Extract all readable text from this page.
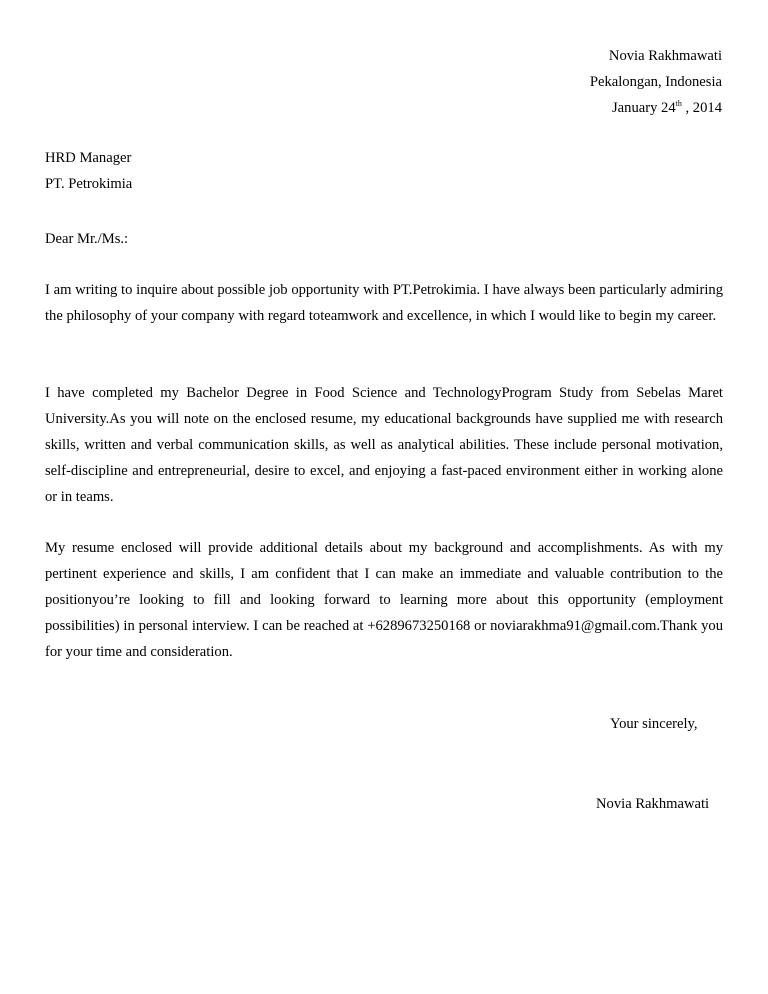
Novia Rakhmawati
Pekalongan, Indonesia
January 24th , 2014
HRD Manager
PT. Petrokimia
Dear Mr./Ms.:
I am writing to inquire about possible job opportunity with PT.Petrokimia. I have always been particularly admiring the philosophy of your company with regard toteamwork and excellence, in which I would like to begin my career.
I have completed my Bachelor Degree in Food Science and TechnologyProgram Study from Sebelas Maret University.As you will note on the enclosed resume, my educational backgrounds have supplied me with research skills, written and verbal communication skills, as well as analytical abilities. These include personal motivation, self-discipline and entrepreneurial, desire to excel, and enjoying a fast-paced environment either in working alone or in teams.
My resume enclosed will provide additional details about my background and accomplishments. As with my pertinent experience and skills, I am confident that I can make an immediate and valuable contribution to the positionyou’re looking to fill and looking forward to learning more about this opportunity (employment possibilities) in personal interview. I can be reached at +6289673250168 or noviarakhma91@gmail.com.Thank you for your time and consideration.
Your sincerely,
Novia Rakhmawati
